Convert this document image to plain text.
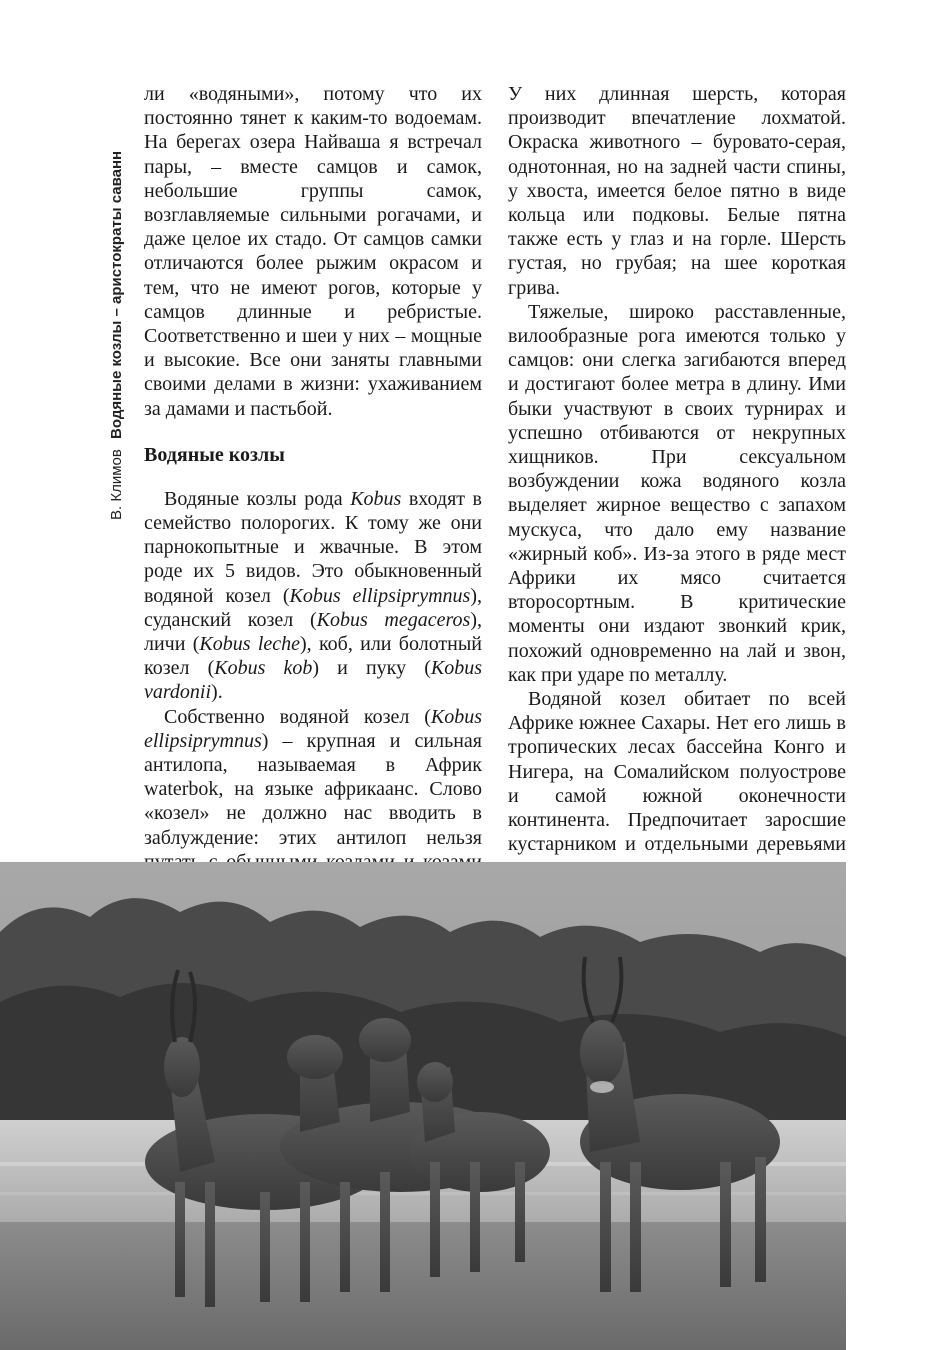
В. Климов Водяные козлы – аристократы саванн

ли «водяными», потому что их постоянно тянет к каким-то водоемам. На берегах озера Найваша я встречал пары, – вместе самцов и самок, небольшие группы самок, возглавляемые сильными рогачами, и даже целое их стадо. От самцов самки отличаются более рыжим окрасом и тем, что не имеют рогов, которые у самцов длинные и ребристые. Соответственно и шеи у них – мощные и высокие. Все они заняты главными своими делами в жизни: ухаживанием за дамами и пастьбой.

Водяные козлы

Водяные козлы рода Kobus входят в семейство полорогих. К тому же они парнокопытные и жвачные. В этом роде их 5 видов. Это обыкновенный водяной козел (Kobus ellipsiprymnus), суданский козел (Kobus megaceros), личи (Kobus leche), коб, или болотный козел (Kobus kob) и пуку (Kobus vardonii).

Собственно водяной козел (Kobus ellipsiprymnus) – крупная и сильная антилопа, называемая в Африк waterbok, на языке африкаанс. Слово «козел» не должно нас вводить в заблуждение: этих антилоп нельзя

У них длинная шерсть, которая производит впечатление лохматой. Окраска животного – буровато-серая, однотонная, но на задней части спины, у хвоста, имеется белое пятно в виде кольца или подковы. Белые пятна также есть у глаз и на горле. Шерсть густая, но грубая; на шее короткая грива.

Тяжелые, широко расставленные, вилообразные рога имеются только у самцов: они слегка загибаются вперед и достигают более метра в длину. Ими быки участвуют в своих турнирах и успешно отбиваются от некрупных хищников. При сексуальном возбуждении кожа водяного козла выделяет жирное вещество с запахом мускуса, что дало ему название «жирный коб». Из-за этого в ряде мест Африки их мясо считается второсортным. В критические моменты они издают звонкий крик, похожий одновременно на лай и звон, как при ударе по металлу.

Водяной козел обитает по всей Африке южнее Сахары. Нет его лишь в тропических лесах бассейна Конго и Нигера, на Сомалийском полуострове и самой южной оконечности континента. Предпочитает заросшие кустарником и отдельными деревьями
